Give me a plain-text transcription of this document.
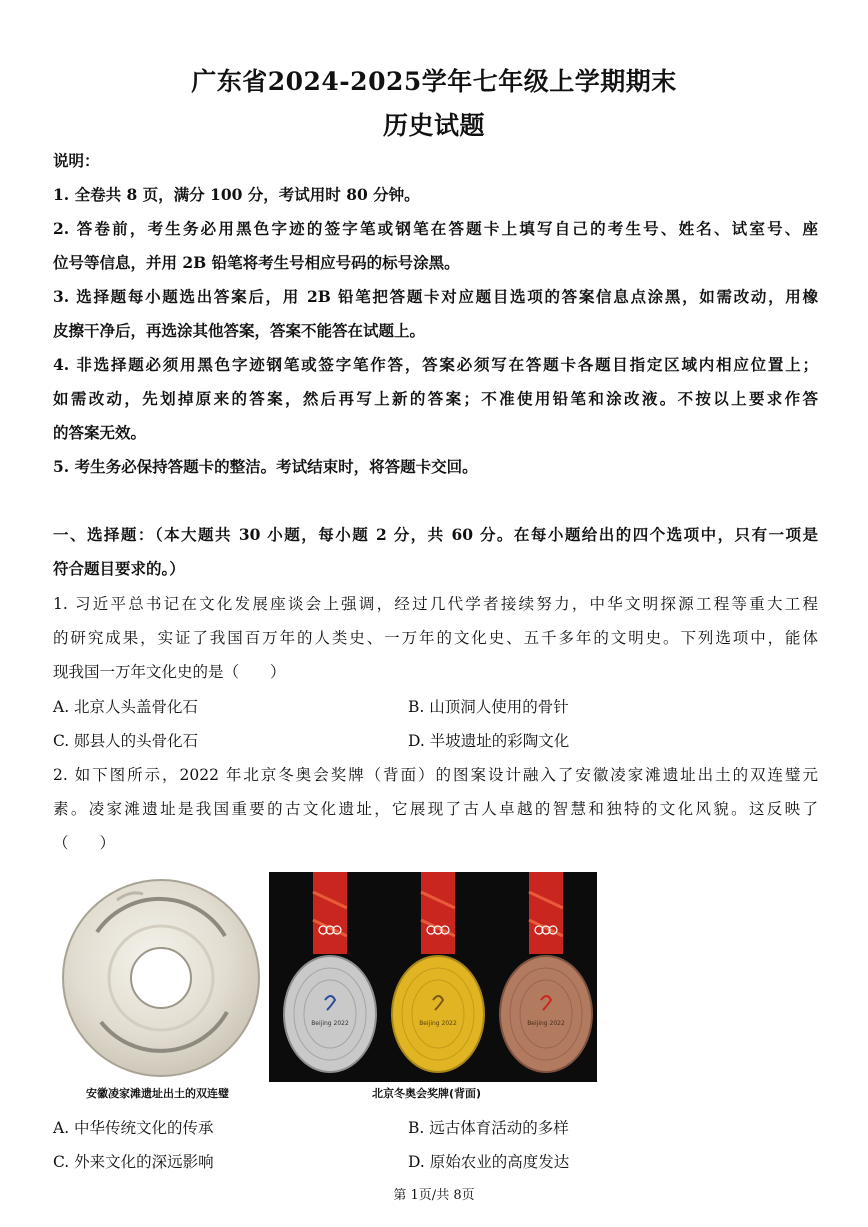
广东省2024-2025学年七年级上学期期末
历史试题
说明：
1. 全卷共 8 页，满分 100 分，考试用时 80 分钟。
2. 答卷前，考生务必用黑色字迹的签字笔或钢笔在答题卡上填写自己的考生号、姓名、试室号、座
位号等信息，并用 2B 铅笔将考生号相应号码的标号涂黑。
3. 选择题每小题选出答案后，用 2B 铅笔把答题卡对应题目选项的答案信息点涂黑，如需改动，用橡
皮擦干净后，再选涂其他答案，答案不能答在试题上。
4. 非选择题必须用黑色字迹钢笔或签字笔作答，答案必须写在答题卡各题目指定区域内相应位置上；
如需改动，先划掉原来的答案，然后再写上新的答案；不准使用铅笔和涂改液。不按以上要求作答
的答案无效。
5. 考生务必保持答题卡的整洁。考试结束时，将答题卡交回。
一、选择题：（本大题共 30 小题，每小题 2 分，共 60 分。在每小题给出的四个选项中，只有一项是
符合题目要求的。）
1. 习近平总书记在文化发展座谈会上强调，经过几代学者接续努力，中华文明探源工程等重大工程
的研究成果，实证了我国百万年的人类史、一万年的文化史、五千多年的文明史。下列选项中，能体
现我国一万年文化史的是（　　）
A. 北京人头盖骨化石	B. 山顶洞人使用的骨针
C. 郧县人的头骨化石	D. 半坡遗址的彩陶文化
2. 如下图所示，2022 年北京冬奥会奖牌（背面）的图案设计融入了安徽凌家滩遗址出土的双连璧元
素。凌家滩遗址是我国重要的古文化遗址，它展现了古人卓越的智慧和独特的文化风貌。这反映了
（　　）
Beijing 2022	Beijing 2022	Beijing 2022
安徽凌家滩遗址出土的双连璧	北京冬奥会奖牌(背面)
A. 中华传统文化的传承	B. 远古体育活动的多样
C. 外来文化的深远影响	D. 原始农业的高度发达
第 1页/共 8页
